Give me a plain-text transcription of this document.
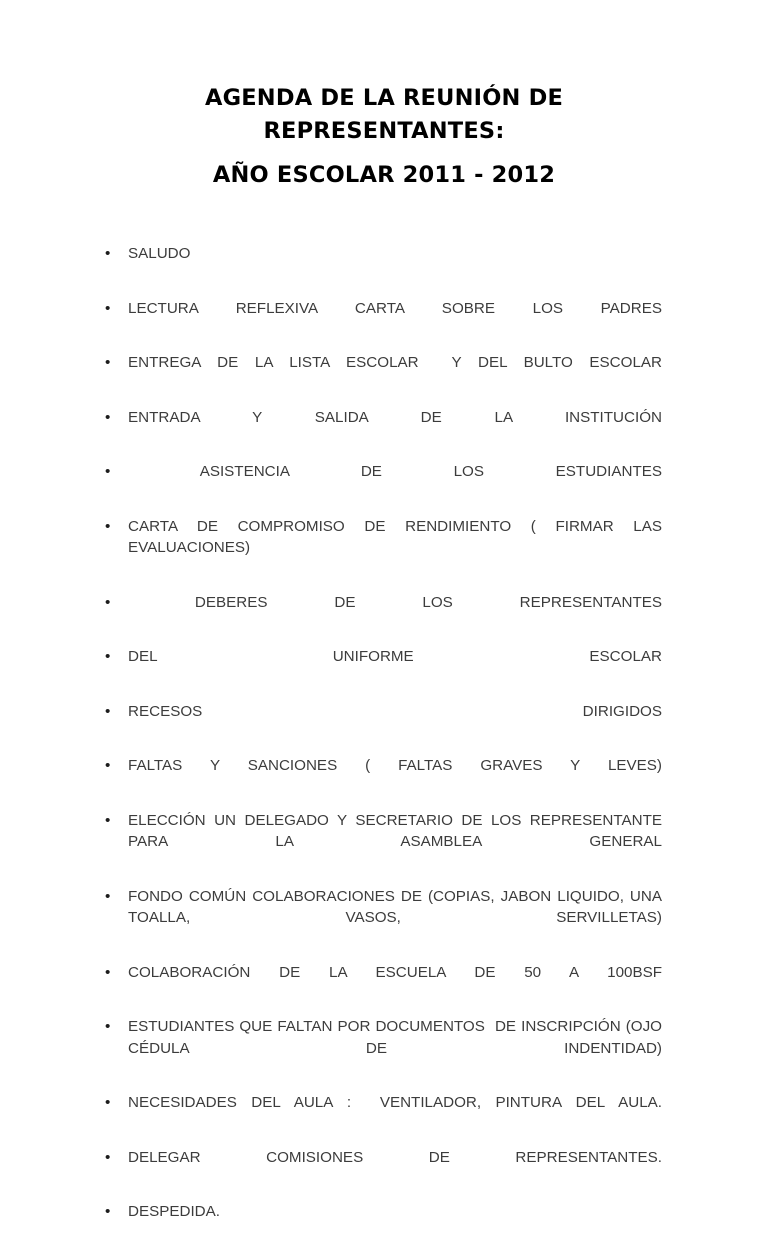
AGENDA DE LA REUNIÓN DE
REPRESENTANTES:
AÑO ESCOLAR 2011 - 2012
•
SALUDO
•
LECTURA REFLEXIVA CARTA SOBRE LOS PADRES
•
ENTREGA DE LA LISTA ESCOLAR  Y DEL BULTO ESCOLAR
•
ENTRADA Y SALIDA DE LA INSTITUCIÓN
•
ASISTENCIA DE LOS ESTUDIANTES
•
CARTA DE COMPROMISO DE RENDIMIENTO ( FIRMAR LAS EVALUACIONES)
•
DEBERES DE LOS REPRESENTANTES
•
DEL UNIFORME ESCOLAR
•
RECESOS DIRIGIDOS
•
FALTAS Y SANCIONES ( FALTAS GRAVES Y LEVES)
•
ELECCIÓN UN DELEGADO Y SECRETARIO DE LOS REPRESENTANTE PARA LA ASAMBLEA GENERAL
•
FONDO COMÚN COLABORACIONES DE (COPIAS, JABON LIQUIDO, UNA TOALLA, VASOS, SERVILLETAS)
•
COLABORACIÓN DE LA ESCUELA DE 50 A 100BSF
•
ESTUDIANTES QUE FALTAN POR DOCUMENTOS  DE INSCRIPCIÓN (OJO CÉDULA DE INDENTIDAD)
•
NECESIDADES DEL AULA :  VENTILADOR, PINTURA DEL AULA.
•
DELEGAR COMISIONES DE REPRESENTANTES.
•
DESPEDIDA.
